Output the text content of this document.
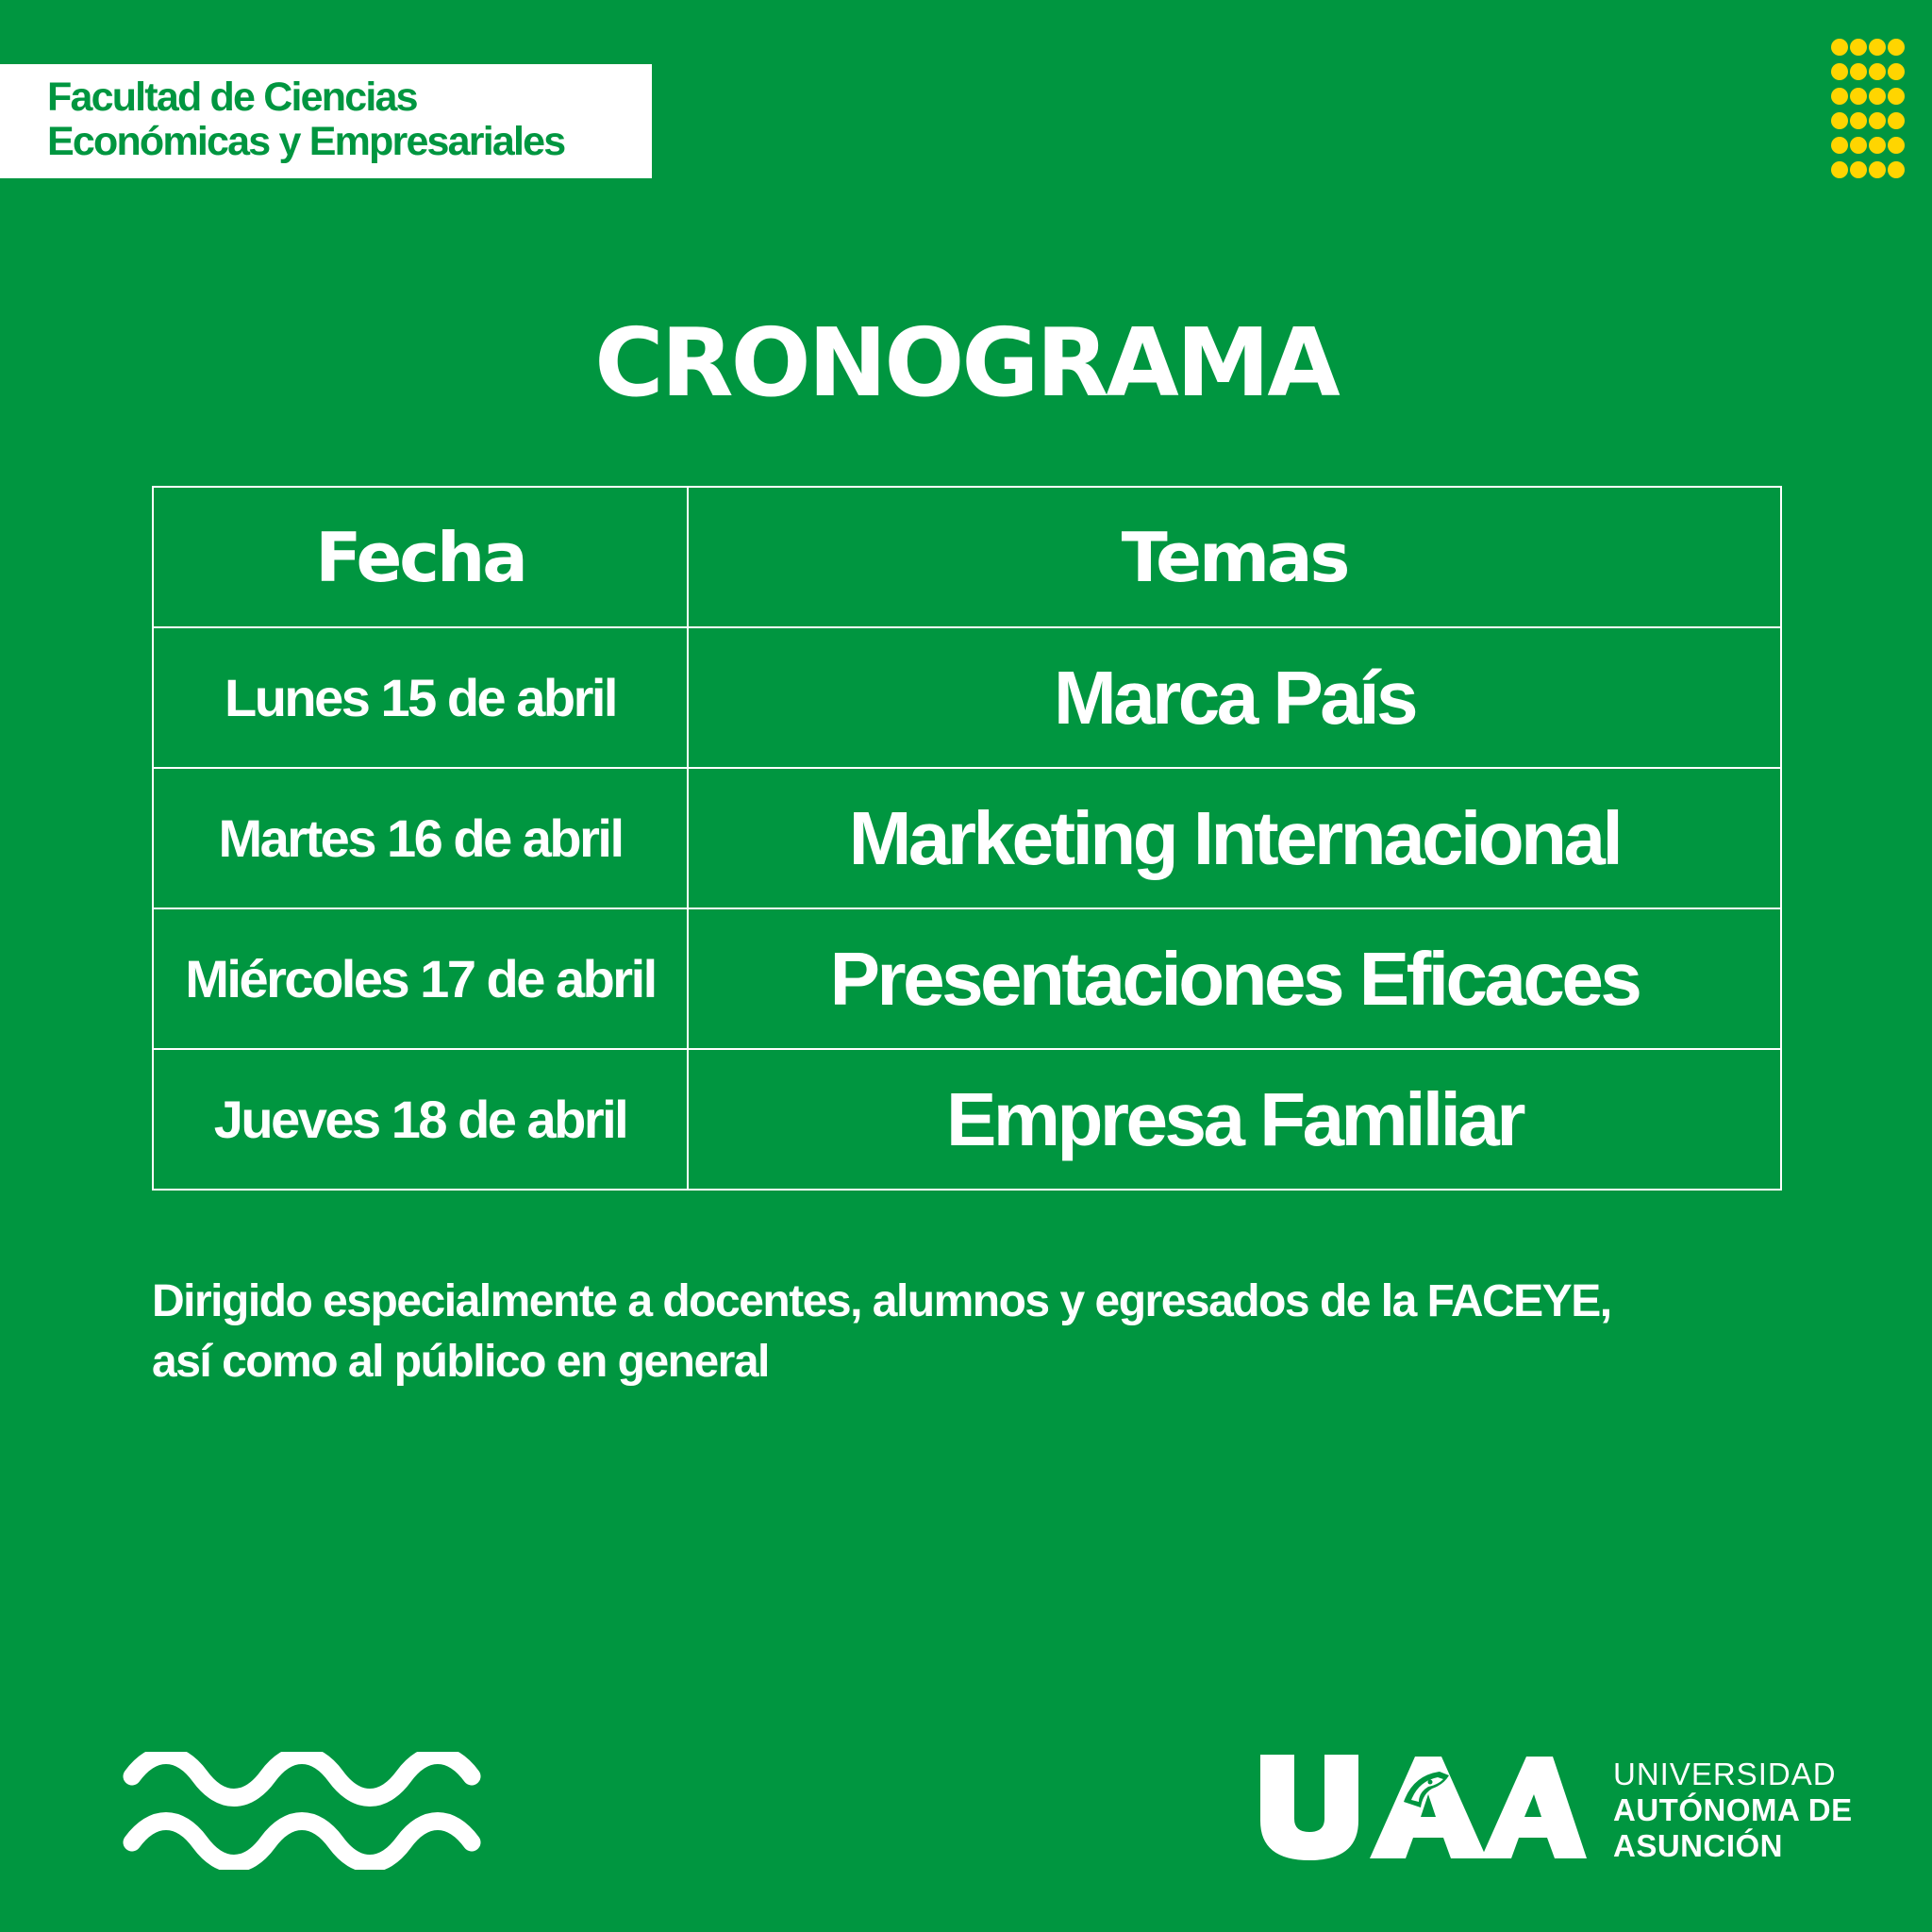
Facultad de Ciencias
Económicas y Empresariales
CRONOGRAMA
Fecha	Temas
Lunes 15 de abril	Marca País
Martes 16 de abril	Marketing Internacional
Miércoles 17 de abril	Presentaciones Eficaces
Jueves 18 de abril	Empresa Familiar
Dirigido especialmente a docentes, alumnos y egresados de la FACEYE,
así como al público en general
UNIVERSIDAD
AUTÓNOMA DE
ASUNCIÓN
